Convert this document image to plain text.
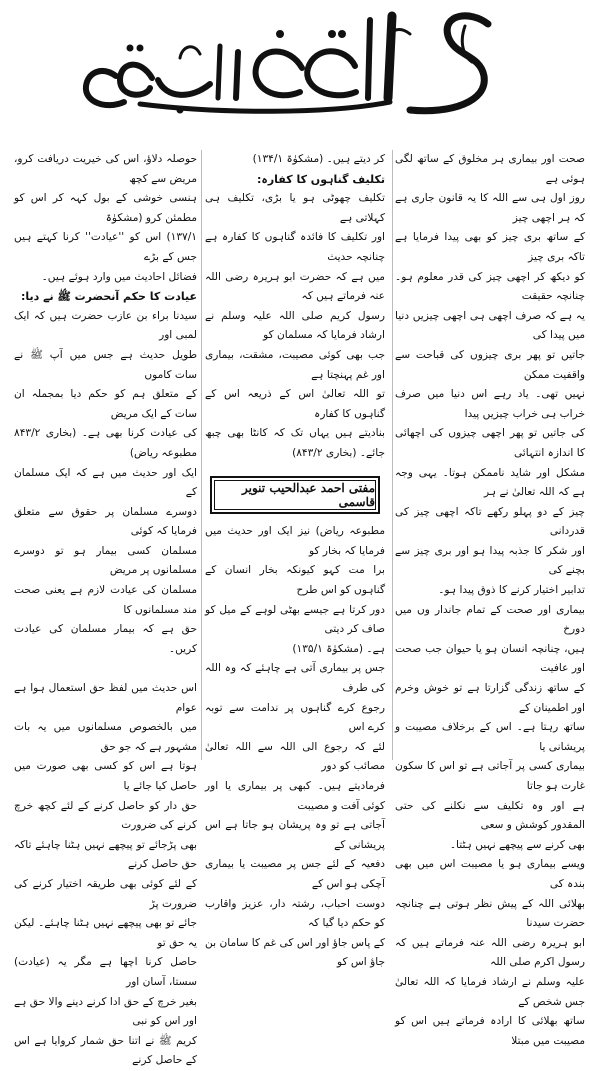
صحت اور بیماری ہر مخلوق کے ساتھ لگی ہوئی ہے

روز اول ہی سے اللہ کا یہ قانون جاری ہے کہ ہر اچھی چیز

کے ساتھ بری چیز کو بھی پیدا فرمایا ہے تاکہ بری چیز

کو دیکھ کر اچھی چیز کی قدر معلوم ہو۔ چنانچہ حقیقت

یہ ہے کہ صرف اچھی ہی اچھی چیزیں دنیا میں پیدا کی

جاتیں تو پھر بری چیزوں کی قباحت سے واقفیت ممکن

نہیں تھی۔ یاد رہے اس دنیا میں صرف خراب ہی خراب چیزیں پیدا

کی جاتیں تو پھر اچھی چیزوں کی اچھائی کا اندازہ انتہائی

مشکل اور شاید ناممکن ہوتا۔ یہی وجہ ہے کہ اللہ تعالیٰ نے ہر

چیز کے دو پہلو رکھے تاکہ اچھی چیز کی قدردانی

اور شکر کا جذبہ پیدا ہو اور بری چیز سے بچنے کی

تدابیر اختیار کرنے کا ذوق پیدا ہو۔

بیماری اور صحت کے تمام جاندار وں میں دورخ

ہیں، چنانچہ انسان ہو یا حیوان جب صحت اور عافیت

کے ساتھ زندگی گزارتا ہے تو خوش وخرم اور اطمینان کے

ساتھ رہتا ہے۔ اس کے برخلاف مصیبت و پریشانی یا

بیماری کسی پر آجاتی ہے تو اس کا سکون غارت ہو جاتا

ہے اور وہ تکلیف سے نکلنے کی حتی المقدور کوشش و سعی

بھی کرنے سے پیچھے نہیں ہٹتا۔

ویسے بیماری ہو یا مصیبت اس میں بھی بندہ کی

بھلائی اللہ کے پیش نظر ہوتی ہے چنانچہ حضرت سیدنا

ابو ہریرہ رضی اللہ عنہ فرماتے ہیں کہ رسول اکرم صلی اللہ

علیہ وسلم نے ارشاد فرمایا کہ اللہ تعالیٰ جس شخص کے

ساتھ بھلائی کا ارادہ فرماتے ہیں اس کو مصیبت میں مبتلا

کر دیتے ہیں۔ (مشکوٰۃ ۱۳۴/۱)

تکلیف گناہوں کا کفارہ:

تکلیف چھوٹی ہو یا بڑی، تکلیف ہی کہلاتی ہے

اور تکلیف کا فائدہ گناہوں کا کفارہ ہے چنانچہ حدیث

میں ہے کہ حضرت ابو ہریرہ رضی اللہ عنہ فرماتے ہیں کہ

رسول کریم صلی اللہ علیہ وسلم نے ارشاد فرمایا کہ مسلمان کو

جب بھی کوئی مصیبت، مشقت، بیماری اور غم پہنچتا ہے

تو اللہ تعالیٰ اس کے ذریعہ اس کے گناہوں کا کفارہ

بنادیتے ہیں یہاں تک کہ کانٹا بھی چبھ جائے۔ (بخاری ۸۴۳/۲)

مطبوعہ ریاض) نیز ایک اور حدیث میں فرمایا کہ بخار کو

برا مت کہو کیونکہ بخار انسان کے گناہوں کو اس طرح

دور کرتا ہے جیسے بھٹی لوہے کے میل کو صاف کر دیتی

ہے۔ (مشکوٰۃ ۱۳۵/۱)

جس پر بیماری آتی ہے چاہئے کہ وہ اللہ کی طرف

رجوع کرے گناہوں پر ندامت سے توبہ کرے اس

لئے کہ رجوع الی اللہ سے اللہ تعالیٰ مصائب کو دور

فرمادیتے ہیں۔ کبھی پر بیماری یا اور کوئی آفت و مصیبت

آجاتی ہے تو وہ پریشان ہو جاتا ہے اس پریشانی کے

دفعیہ کے لئے جس پر مصیبت یا بیماری آچکی ہو اس کے

دوست احباب، رشتہ دار، عزیز واقارب کو حکم دیا گیا کہ

کے پاس جاؤ اور اس کی غم کا سامان بن جاؤ اس کو

مفتی احمد عبدالحیب تنویر قاسمی

حوصلہ دلاؤ، اس کی خیریت دریافت کرو، مریض سے کچھ

ہنسی خوشی کے بول کہہ کر اس کو مطمئن کرو (مشکوٰۃ

۱۳۷/۱) اس کو ''عیادت'' کرنا کہتے ہیں جس کے بڑے

فضائل احادیث میں وارد ہوئے ہیں۔

عیادت کا حکم آنحضرت ﷺ نے دیا:

سیدنا براء بن عازب حضرت ہیں کہ ایک لمبی اور

طویل حدیث ہے جس میں آپ ﷺ نے سات کاموں

کے متعلق ہم کو حکم دیا بمجملہ ان سات کے ایک مریض

کی عیادت کرنا بھی ہے۔ (بخاری ۸۴۳/۲ مطبوعہ ریاض)

ایک اور حدیث میں ہے کہ ایک مسلمان کے

دوسرے مسلمان پر حقوق سے متعلق فرمایا کہ کوئی

مسلمان کسی بیمار ہو تو دوسرے مسلمانوں پر مریض

مسلمان کی عیادت لازم ہے یعنی صحت مند مسلمانوں کا

حق ہے کہ بیمار مسلمان کی عیادت کریں۔

اس حدیث میں لفظ حق استعمال ہوا ہے عوام

میں بالخصوص مسلمانوں میں یہ بات مشہور ہے کہ جو حق

ہوتا ہے اس کو کسی بھی صورت میں حاصل کیا جائے یا

حق دار کو حاصل کرنے کے لئے کچھ خرچ کرنے کی ضرورت

بھی پڑجائے تو پیچھے نہیں ہٹنا چاہئے تاکہ حق حاصل کرنے

کے لئے کوئی بھی طریقہ اختیار کرنے کی ضرورت پڑ

جائے تو بھی پیچھے نہیں ہٹنا چاہئے۔ لیکن یہ حق تو

حاصل کرنا اچھا ہے مگر یہ (عیادت) سستا، آسان اور

بغیر خرچ کے حق ادا کرنے دینے والا حق ہے اور اس کو نبی

کریم ﷺ نے اتنا حق شمار کروایا ہے اس کے حاصل کرنے
